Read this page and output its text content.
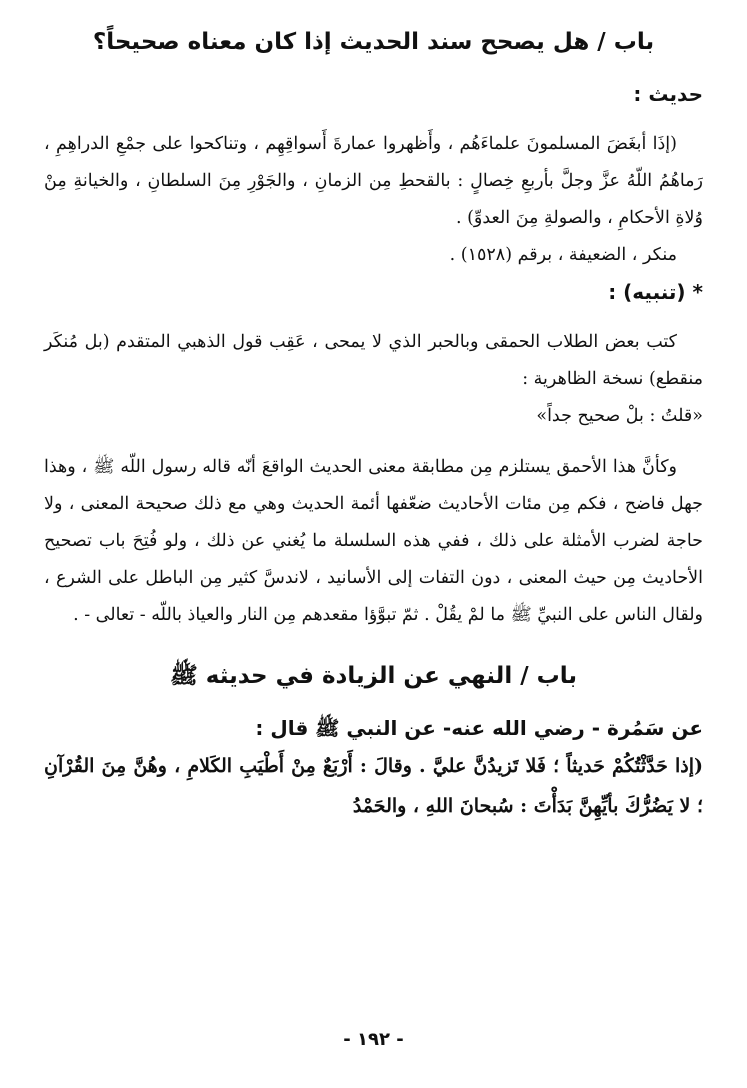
باب / هل يصحح سند الحديث إذا كان معناه صحيحاً؟

حديث :

(إذَا أبغَضَ المسلمونَ علماءَهُم ، وأَظهروا عمارةَ أَسواقِهِم ، وتناكحوا على جمْعِ الدراهِمِ ، رَماهُمُ اللّهُ عزَّ وجلَّ بأربعِ خِصالٍ : بالقحطِ مِن الزمانِ ، والجَوْرِ مِنَ السلطانِ ، والخيانةِ مِنْ وُلاةِ الأحكامِ ، والصولةِ مِنَ العدوِّ) .

منكر ، الضعيفة ، برقم (١٥٢٨) .

* (تنبيه) :

كتب بعض الطلاب الحمقى وبالحبر الذي لا يمحى ، عَقِب قول الذهبي المتقدم (بل مُنكَر منقطع) نسخة الظاهرية :

«قلتُ : بلْ صحيح جداً»

وكأنَّ هذا الأحمق يستلزم مِن مطابقة معنى الحديث الواقعَ أنّه قاله رسول اللّه ﷺ ، وهذا جهل فاضح ، فكم مِن مئات الأحاديث ضعّفها أئمة الحديث وهي مع ذلك صحيحة المعنى ، ولا حاجة لضرب الأمثلة على ذلك ، ففي هذه السلسلة ما يُغني عن ذلك ، ولو فُتِحَ باب تصحيح الأحاديث مِن حيث المعنى ، دون التفات إلى الأسانيد ، لاندسَّ كثير مِن الباطل على الشرع ، ولقال الناس على النبيِّ ﷺ ما لمْ يقُلْ . ثمّ تبوَّؤا مقعدهم مِن النار والعياذ باللّه - تعالى - .

باب / النهي عن الزيادة في حديثه ﷺ

عن سَمُرة - رضي الله عنه- عن النبي ﷺ قال :

(إذا حَدَّثْتُكُمْ حَديثاً ؛ فَلا تَزيدُنَّ عليَّ . وقالَ : أَرْبَعٌ مِنْ أَطْيَبِ الكَلامِ ، وهُنَّ مِنَ القُرْآنِ ؛ لا يَضُرُّكَ بأيِّهِنَّ بَدَأْتَ : سُبحانَ اللهِ ، والحَمْدُ

- ١٩٢ -
